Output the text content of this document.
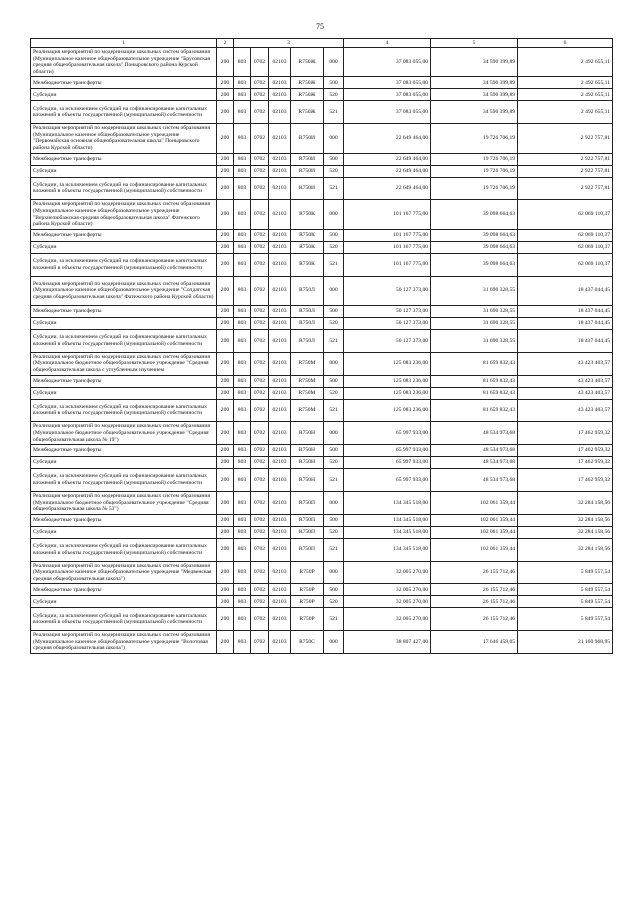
75
1	2	3					4	5	6
Реализация мероприятий по модернизации школьных систем образования (Муниципальное казенное общеобразовательное учреждение "Брусовская средняя общеобразовательная школа" Поныровского района Курской области)	200	803	0702	02103	R750Ж	000	37 083 055,00	34 590 399,89	2 492 655,11
Межбюджетные трансферты	200	803	0702	02103	R750Ж	500	37 083 055,00	34 590 399,89	2 492 655,11
Субсидии	200	803	0702	02103	R750Ж	520	37 083 055,00	34 590 399,89	2 492 655,11
Субсидии, за исключением субсидий на софинансирование капитальных вложений в объекты государственной (муниципальной) собственности	200	803	0702	02103	R750Ж	521	37 083 055,00	34 590 399,89	2 492 655,11
Реализация мероприятий по модернизации школьных систем образования (Муниципальное казенное общеобразовательное учреждение "Первомайская основная общеобразовательная школа" Поныровского района Курской области)	200	803	0702	02103	R750И	000	22 649 464,00	19 726 706,19	2 922 757,81
Межбюджетные трансферты	200	803	0702	02103	R750И	500	22 649 464,00	19 726 706,19	2 922 757,81
Субсидии	200	803	0702	02103	R750И	520	22 649 464,00	19 726 706,19	2 922 757,81
Субсидии, за исключением субсидий на софинансирование капитальных вложений в объекты государственной (муниципальной) собственности	200	803	0702	02103	R750И	521	22 649 464,00	19 726 706,19	2 922 757,81
Реализация мероприятий по модернизации школьных систем образования (Муниципальное казенное общеобразовательное учреждение "Верхнелюбажская средняя общеобразовательная школа" Фатежского района Курской области)	200	803	0702	02103	R750К	000	101 167 775,00	39 098 664,63	62 069 110,37
Межбюджетные трансферты	200	803	0702	02103	R750К	500	101 167 775,00	39 098 664,63	62 069 110,37
Субсидии	200	803	0702	02103	R750К	520	101 167 775,00	39 098 664,63	62 069 110,37
Субсидии, за исключением субсидий на софинансирование капитальных вложений в объекты государственной (муниципальной) собственности	200	803	0702	02103	R750К	521	101 167 775,00	39 098 664,63	62 069 110,37
Реализация мероприятий по модернизации школьных систем образования (Муниципальное казенное общеобразовательное учреждение "Солдатская средняя общеобразовательная школа" Фатежского района Курской области)	200	803	0702	02103	R750Л	000	50 127 373,00	31 690 328,55	18 437 044,45
Межбюджетные трансферты	200	803	0702	02103	R750Л	500	50 127 373,00	31 690 328,55	18 437 044,45
Субсидии	200	803	0702	02103	R750Л	520	50 127 373,00	31 690 328,55	18 437 044,45
Субсидии, за исключением субсидий на софинансирование капитальных вложений в объекты государственной (муниципальной) собственности	200	803	0702	02103	R750Л	521	50 127 373,00	31 690 328,55	18 437 044,45
Реализация мероприятий по модернизации школьных систем образования (Муниципальное бюджетное общеобразовательное учреждение "Средняя общеобразовательная школа с углубленным изучением	200	803	0702	02103	R750М	000	125 083 236,00	81 659 832,43	43 423 403,57
Межбюджетные трансферты	200	803	0702	02103	R750М	500	125 083 236,00	81 659 832,43	43 423 403,57
Субсидии	200	803	0702	02103	R750М	520	125 083 236,00	81 659 832,43	43 423 403,57
Субсидии, за исключением субсидий на софинансирование капитальных вложений в объекты государственной (муниципальной) собственности	200	803	0702	02103	R750М	521	125 083 236,00	81 659 832,43	43 423 403,57
Реализация мероприятий по модернизации школьных систем образования (Муниципальное бюджетное общеобразовательное учреждение "Средняя общеобразовательная школа № 19")	200	803	0702	02103	R750Н	000	65 997 933,00	48 534 973,68	17 462 959,32
Межбюджетные трансферты	200	803	0702	02103	R750Н	500	65 997 933,00	48 534 973,68	17 462 959,32
Субсидии	200	803	0702	02103	R750Н	520	65 997 933,00	48 534 973,68	17 462 959,32
Субсидии, за исключением субсидий на софинансирование капитальных вложений в объекты государственной (муниципальной) собственности	200	803	0702	02103	R750Н	521	65 997 933,00	48 534 973,68	17 462 959,32
Реализация мероприятий по модернизации школьных систем образования (Муниципальное бюджетное общеобразовательное учреждение "Средняя общеобразовательная школа № 53")	200	803	0702	02103	R750П	000	134 345 518,00	102 061 359,44	32 284 158,56
Межбюджетные трансферты	200	803	0702	02103	R750П	500	134 345 518,00	102 061 359,44	32 284 158,56
Субсидии	200	803	0702	02103	R750П	520	134 345 518,00	102 061 359,44	32 284 158,56
Субсидии, за исключением субсидий на софинансирование капитальных вложений в объекты государственной (муниципальной) собственности	200	803	0702	02103	R750П	521	134 345 518,00	102 061 359,44	32 284 158,56
Реализация мероприятий по модернизации школьных систем образования (Муниципальное казенное общеобразовательное учреждение "Медвенская средняя общеобразовательная школа")	200	803	0702	02103	R750Р	000	32 005 270,00	26 155 712,46	5 849 557,54
Межбюджетные трансферты	200	803	0702	02103	R750Р	500	32 005 270,00	26 155 712,46	5 849 557,54
Субсидии	200	803	0702	02103	R750Р	520	32 005 270,00	26 155 712,46	5 849 557,54
Субсидии, за исключением субсидий на софинансирование капитальных вложений в объекты государственной (муниципальной) собственности	200	803	0702	02103	R750Р	521	32 005 270,00	26 155 712,46	5 849 557,54
Реализация мероприятий по модернизации школьных систем образования (Муниципальное казенное общеобразовательное учреждение "Волотовая средняя общеобразовательная школа")	200	803	0702	02103	R750С	000	38 807 427,00	17 646 458,05	21 160 968,95
